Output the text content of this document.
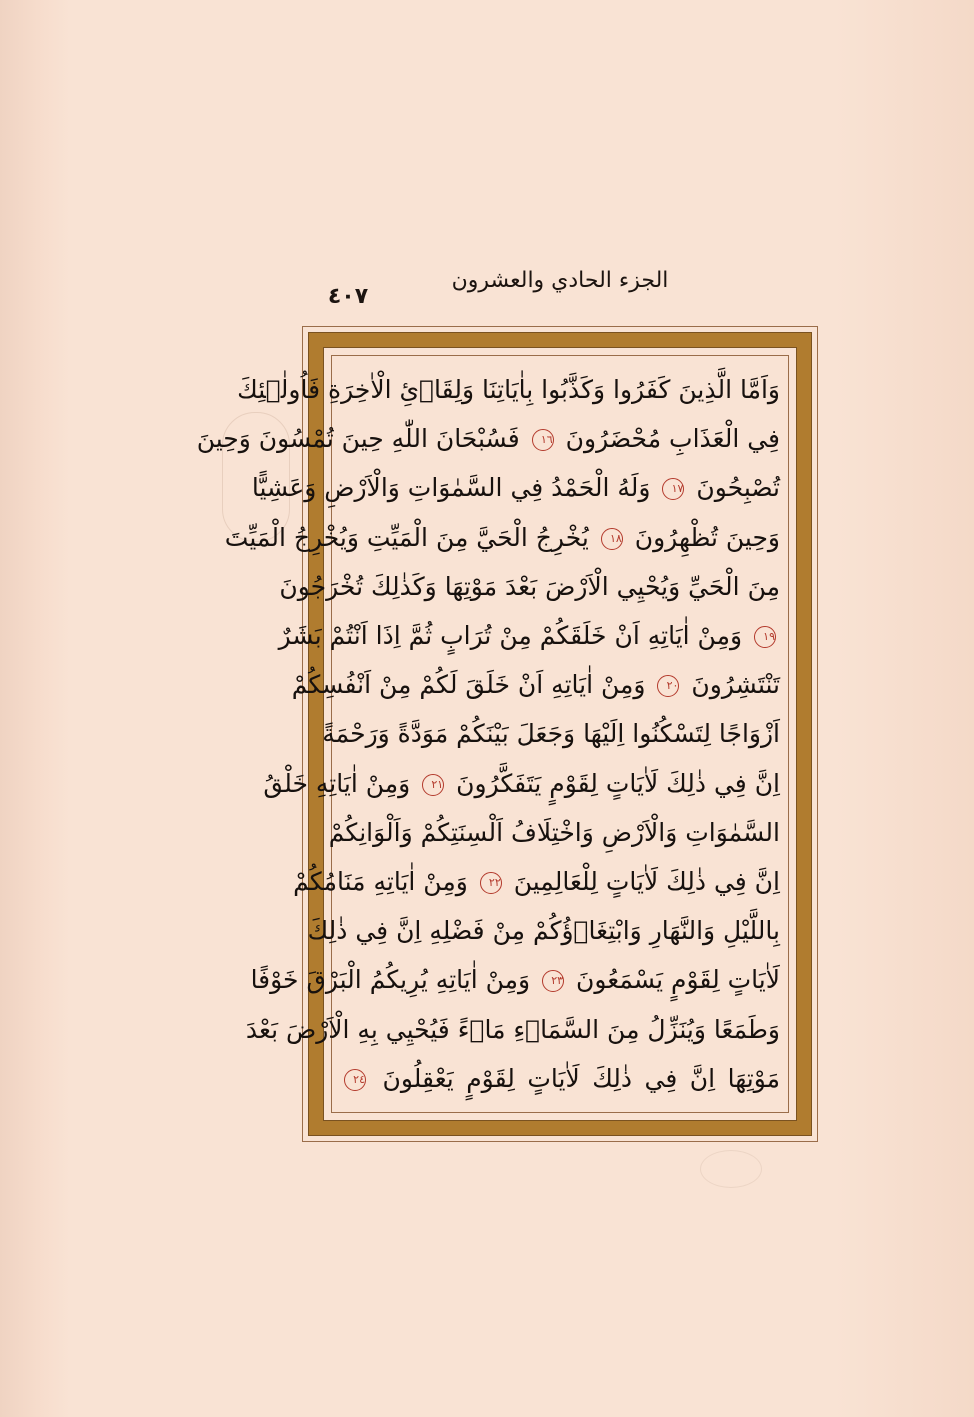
الجزء الحادي والعشرون
٤٠٧
وَاَمَّا الَّذِينَ كَفَرُوا وَكَذَّبُوا بِاٰيَاتِنَا وَلِقَاۤئِ الْاٰخِرَةِ فَاُولٰۤئِكَ
فِي الْعَذَابِ مُحْضَرُونَ ١٦ فَسُبْحَانَ اللّٰهِ حِينَ تُمْسُونَ وَحِينَ
تُصْبِحُونَ ١٧ وَلَهُ الْحَمْدُ فِي السَّمٰوَاتِ وَالْاَرْضِ وَعَشِيًّا
وَحِينَ تُظْهِرُونَ ١٨ يُخْرِجُ الْحَيَّ مِنَ الْمَيِّتِ وَيُخْرِجُ الْمَيِّتَ
مِنَ الْحَيِّ وَيُحْيِي الْاَرْضَ بَعْدَ مَوْتِهَا وَكَذٰلِكَ تُخْرَجُونَ
١٩ وَمِنْ اٰيَاتِهِ اَنْ خَلَقَكُمْ مِنْ تُرَابٍ ثُمَّ اِذَا اَنْتُمْ بَشَرٌ
تَنْتَشِرُونَ ٢٠ وَمِنْ اٰيَاتِهِ اَنْ خَلَقَ لَكُمْ مِنْ اَنْفُسِكُمْ
اَزْوَاجًا لِتَسْكُنُوا اِلَيْهَا وَجَعَلَ بَيْنَكُمْ مَوَدَّةً وَرَحْمَةً
اِنَّ فِي ذٰلِكَ لَاٰيَاتٍ لِقَوْمٍ يَتَفَكَّرُونَ ٢١ وَمِنْ اٰيَاتِهِ خَلْقُ
السَّمٰوَاتِ وَالْاَرْضِ وَاخْتِلَافُ اَلْسِنَتِكُمْ وَاَلْوَانِكُمْ
اِنَّ فِي ذٰلِكَ لَاٰيَاتٍ لِلْعَالِمِينَ ٢٢ وَمِنْ اٰيَاتِهِ مَنَامُكُمْ
بِاللَّيْلِ وَالنَّهَارِ وَابْتِغَاۤؤُكُمْ مِنْ فَضْلِهِ اِنَّ فِي ذٰلِكَ
لَاٰيَاتٍ لِقَوْمٍ يَسْمَعُونَ ٢٣ وَمِنْ اٰيَاتِهِ يُرِيكُمُ الْبَرْقَ خَوْفًا
وَطَمَعًا وَيُنَزِّلُ مِنَ السَّمَاۤءِ مَاۤءً فَيُحْيِي بِهِ الْاَرْضَ بَعْدَ
مَوْتِهَا اِنَّ فِي ذٰلِكَ لَاٰيَاتٍ لِقَوْمٍ يَعْقِلُونَ ٢٤
